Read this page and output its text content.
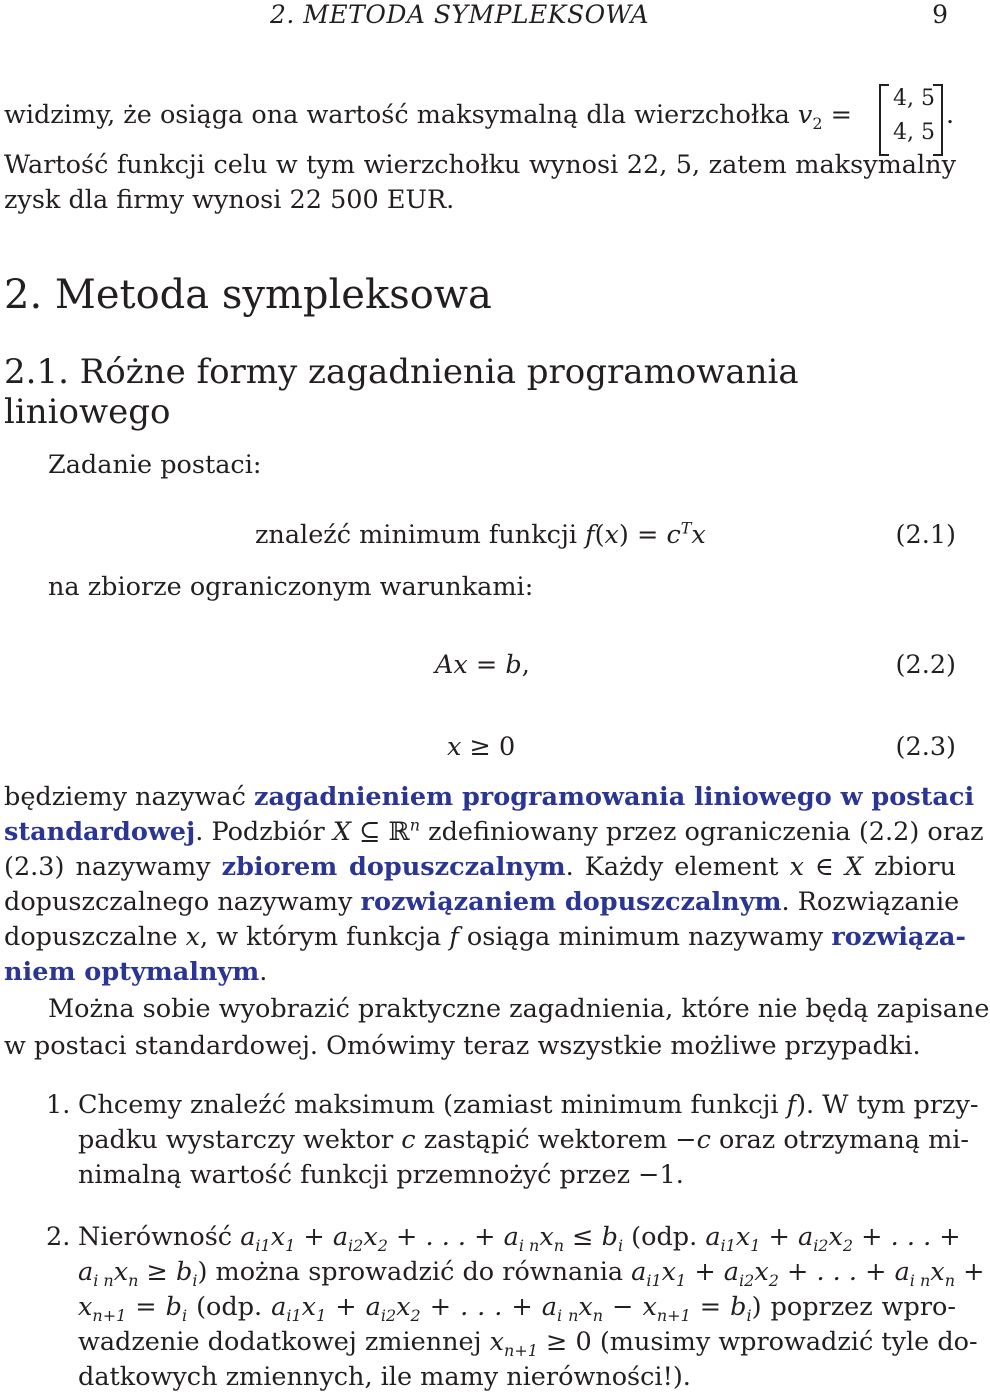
2. METODA SYMPLEKSOWA	9
widzimy, że osiąga ona wartość maksymalną dla wierzchołka $v_2$ =
4, 5
4, 5
.
Wartość funkcji celu w tym wierzchołku wynosi 22, 5, zatem maksymalny
zysk dla firmy wynosi 22 500 EUR.
2. Metoda sympleksowa
2.1. Różne formy zagadnienia programowania liniowego
Zadanie postaci:
znaleźć minimum funkcji $f(x) = c^Tx$	(2.1)
na zbiorze ograniczonym warunkami:
Ax = b,	(2.2)
x ≥ 0	(2.3)
będziemy nazywać zagadnieniem programowania liniowego w postaci
standardowej. Podzbiór X ⊆ ℝ$^n$ zdefiniowany przez ograniczenia (2.2) oraz
(2.3) nazywamy zbiorem dopuszczalnym. Każdy element x ∈ X zbioru
dopuszczalnego nazywamy rozwiązaniem dopuszczalnym. Rozwiązanie
dopuszczalne x, w którym funkcja f osiąga minimum nazywamy rozwiąza-
niem optymalnym.
Można sobie wyobrazić praktyczne zagadnienia, które nie będą zapisane
w postaci standardowej. Omówimy teraz wszystkie możliwe przypadki.
1. Chcemy znaleźć maksimum (zamiast minimum funkcji f). W tym przy-
padku wystarczy wektor c zastąpić wektorem −c oraz otrzymaną mi-
nimalną wartość funkcji przemnożyć przez −1.
2. Nierówność $a_{i1}x_1 + a_{i2}x_2$ + . . . + $a_{i n}x_n \le b_i$ (odp. $a_{i1}x_1 + a_{i2}x_2$ + . . . +
$a_{i n}x_n \ge b_i$) można sprowadzić do równania $a_{i1}x_1 + a_{i2}x_2$ + . . . + $a_{i n}x_n$ +
$x_{n+1} = b_i$ (odp. $a_{i1}x_1 + a_{i2}x_2$ + . . . + $a_{i n}x_n - x_{n+1} = b_i$) poprzez wpro-
wadzenie dodatkowej zmiennej $x_{n+1} \ge 0$ (musimy wprowadzić tyle do-
datkowych zmiennych, ile mamy nierówności!).
